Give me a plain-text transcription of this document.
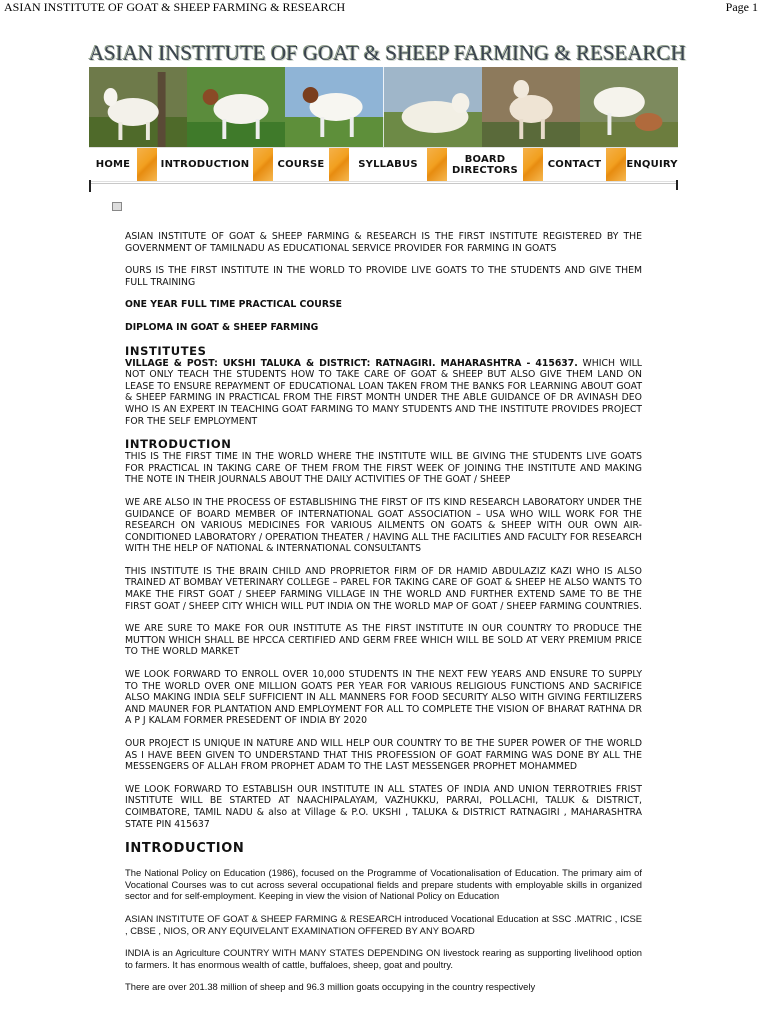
ASIAN INSTITUTE OF GOAT & SHEEP FARMING & RESEARCH	Page 1
ASIAN INSTITUTE OF GOAT & SHEEP FARMING & RESEARCH
HOME	INTRODUCTION	COURSE	SYLLABUS	BOARD DIRECTORS	CONTACT	ENQUIRY

ASIAN INSTITUTE OF GOAT & SHEEP FARMING & RESEARCH IS THE FIRST INSTITUTE REGISTERED BY THE GOVERNMENT OF TAMILNADU AS EDUCATIONAL SERVICE PROVIDER FOR FARMING IN GOATS

OURS IS THE FIRST INSTITUTE IN THE WORLD TO PROVIDE LIVE GOATS TO THE STUDENTS AND GIVE THEM FULL TRAINING

ONE YEAR FULL TIME PRACTICAL COURSE

DIPLOMA IN GOAT & SHEEP FARMING

INSTITUTES

VILLAGE & POST: UKSHI TALUKA & DISTRICT: RATNAGIRI. MAHARASHTRA - 415637. WHICH WILL NOT ONLY TEACH THE STUDENTS HOW TO TAKE CARE OF GOAT & SHEEP BUT ALSO GIVE THEM LAND ON LEASE TO ENSURE REPAYMENT OF EDUCATIONAL LOAN TAKEN FROM THE BANKS FOR LEARNING ABOUT GOAT & SHEEP FARMING IN PRACTICAL FROM THE FIRST MONTH UNDER THE ABLE GUIDANCE OF DR AVINASH DEO WHO IS AN EXPERT IN TEACHING GOAT FARMING TO MANY STUDENTS AND THE INSTITUTE PROVIDES PROJECT FOR THE SELF EMPLOYMENT

INTRODUCTION

THIS IS THE FIRST TIME IN THE WORLD WHERE THE INSTITUTE WILL BE GIVING THE STUDENTS LIVE GOATS FOR PRACTICAL IN TAKING CARE OF THEM FROM THE FIRST WEEK OF JOINING THE INSTITUTE AND MAKING THE NOTE IN THEIR JOURNALS ABOUT THE DAILY ACTIVITIES OF THE GOAT / SHEEP

WE ARE ALSO IN THE PROCESS OF ESTABLISHING THE FIRST OF ITS KIND RESEARCH LABORATORY UNDER THE GUIDANCE OF BOARD MEMBER OF INTERNATIONAL GOAT ASSOCIATION – USA WHO WILL WORK FOR THE RESEARCH ON VARIOUS MEDICINES FOR VARIOUS AILMENTS ON GOATS & SHEEP WITH OUR OWN AIR-CONDITIONED LABORATORY / OPERATION THEATER / HAVING ALL THE FACILITIES AND FACULTY FOR RESEARCH WITH THE HELP OF NATIONAL & INTERNATIONAL CONSULTANTS

THIS INSTITUTE IS THE BRAIN CHILD AND PROPRIETOR FIRM OF DR HAMID ABDULAZIZ KAZI WHO IS ALSO TRAINED AT BOMBAY VETERINARY COLLEGE – PAREL FOR TAKING CARE OF GOAT & SHEEP HE ALSO WANTS TO MAKE THE FIRST GOAT / SHEEP FARMING VILLAGE IN THE WORLD AND FURTHER EXTEND SAME TO BE THE FIRST GOAT / SHEEP CITY WHICH WILL PUT INDIA ON THE WORLD MAP OF GOAT / SHEEP FARMING COUNTRIES.

WE ARE SURE TO MAKE FOR OUR INSTITUTE AS THE FIRST INSTITUTE IN OUR COUNTRY TO PRODUCE THE MUTTON WHICH SHALL BE HPCCA CERTIFIED AND GERM FREE WHICH WILL BE SOLD AT VERY PREMIUM PRICE TO THE WORLD MARKET

WE LOOK FORWARD TO ENROLL OVER 10,000 STUDENTS IN THE NEXT FEW YEARS AND ENSURE TO SUPPLY TO THE WORLD OVER ONE MILLION GOATS PER YEAR FOR VARIOUS RELIGIOUS FUNCTIONS AND SACRIFICE ALSO MAKING INDIA SELF SUFFICIENT IN ALL MANNERS FOR FOOD SECURITY ALSO WITH GIVING FERTILIZERS AND MAUNER FOR PLANTATION AND EMPLOYMENT FOR ALL TO COMPLETE THE VISION OF BHARAT RATHNA DR A P J KALAM FORMER PRESEDENT OF INDIA BY 2020

OUR PROJECT IS UNIQUE IN NATURE AND WILL HELP OUR COUNTRY TO BE THE SUPER POWER OF THE WORLD AS I HAVE BEEN GIVEN TO UNDERSTAND THAT THIS PROFESSION OF GOAT FARMING WAS DONE BY ALL THE MESSENGERS OF ALLAH FROM PROPHET ADAM TO THE LAST MESSENGER PROPHET MOHAMMED

WE LOOK FORWARD TO ESTABLISH OUR INSTITUTE IN ALL STATES OF INDIA AND UNION TERROTRIES FRIST INSTITUTE WILL BE STARTED AT NAACHIPALAYAM, VAZHUKKU, PARRAI, POLLACHI, TALUK & DISTRICT, COIMBATORE, TAMIL NADU & also at Village & P.O. UKSHI , TALUKA & DISTRICT RATNAGIRI , MAHARASHTRA STATE PIN 415637

INTRODUCTION

The National Policy on Education (1986), focused on the Programme of Vocationalisation of Education. The primary aim of Vocational Courses was to cut across several occupational fields and prepare students with employable skills in organized sector and for self-employment. Keeping in view the vision of National Policy on Education

ASIAN INSTITUTE OF GOAT & SHEEP FARMING & RESEARCH introduced Vocational Education at SSC .MATRIC , ICSE , CBSE , NIOS, OR ANY EQUIVELANT EXAMINATION OFFERED BY ANY BOARD

INDIA is an Agriculture COUNTRY WITH MANY STATES DEPENDING ON livestock rearing as supporting livelihood option to farmers. It has enormous wealth of cattle, buffaloes, sheep, goat and poultry.

There are over 201.38 million of sheep and 96.3 million goats occupying in the country respectively
